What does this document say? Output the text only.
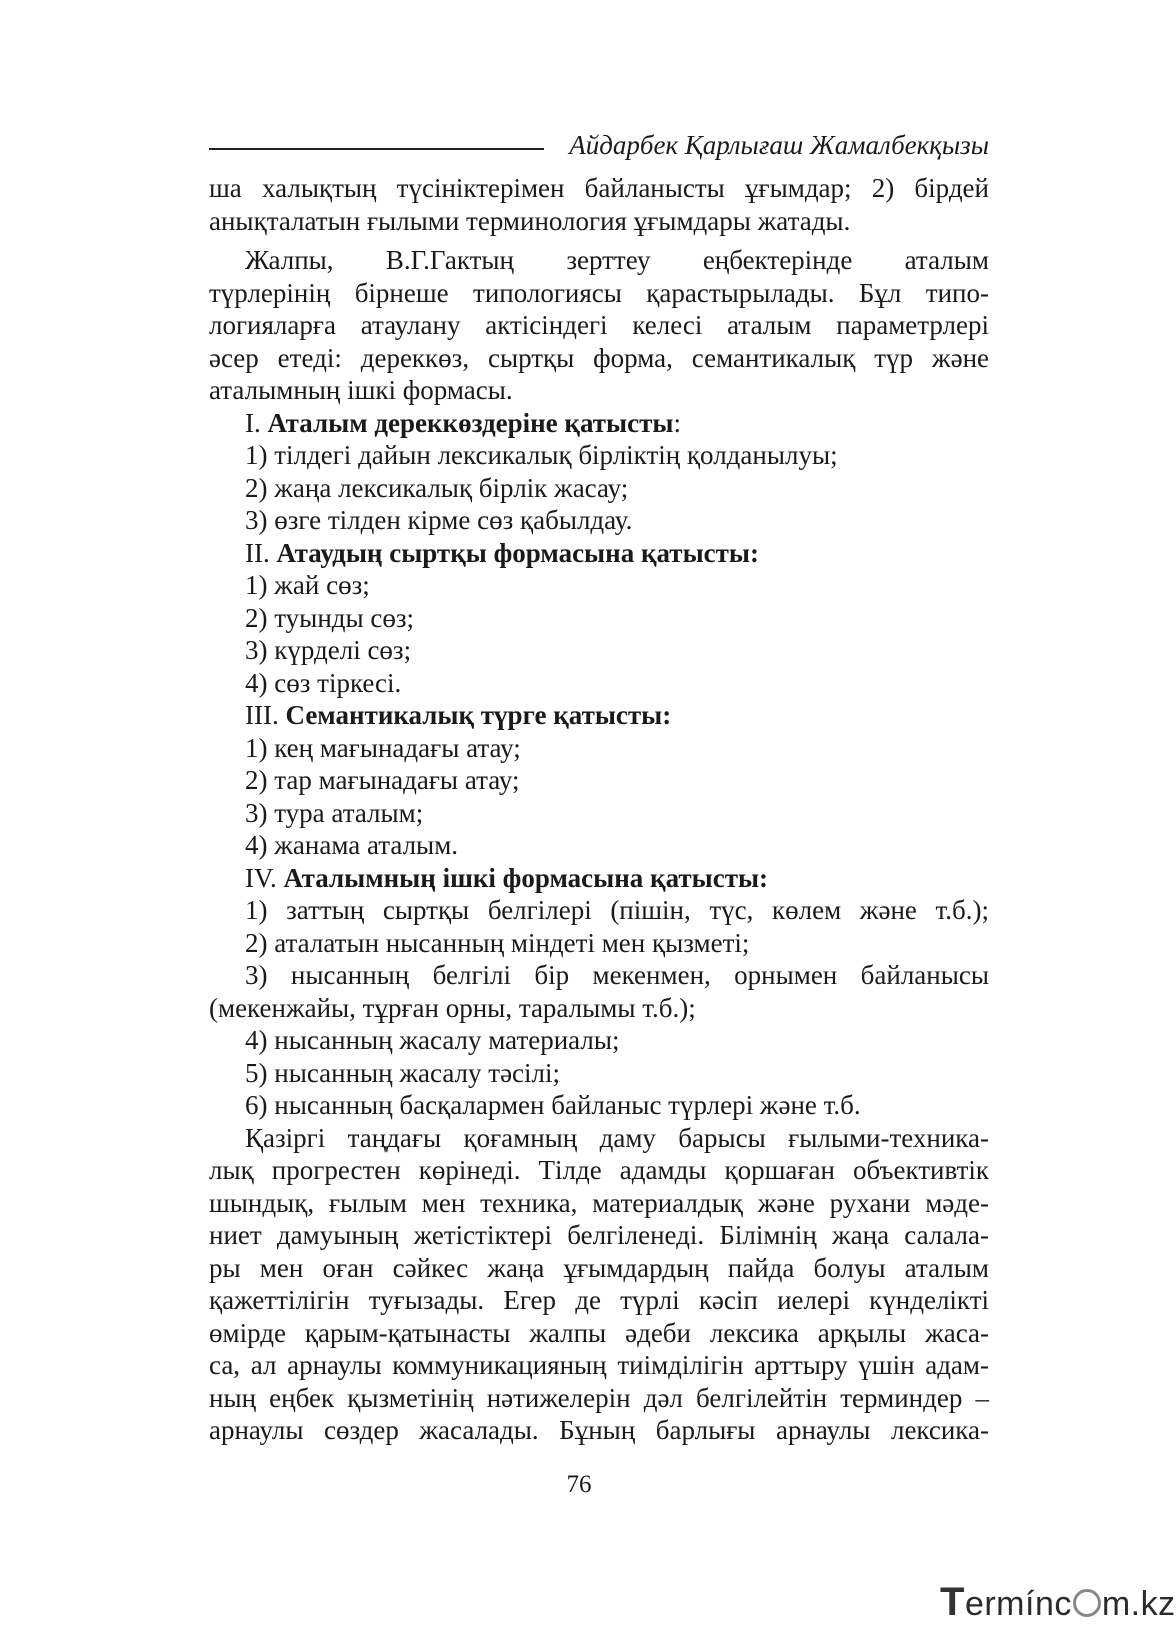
Айдарбек Қарлығаш Жамалбекқызы
ша халықтың түсініктерімен байланысты ұғымдар; 2) бірдей
анықталатын ғылыми терминология ұғымдары жатады.
Жалпы, В.Г.Гактың зерттеу еңбектерінде аталым
түрлерінің бірнеше типологиясы қарастырылады. Бұл типо-
логияларға атаулану актісіндегі келесі аталым параметрлері
әсер етеді: дереккөз, сыртқы форма, семантикалық түр және
аталымның ішкі формасы.
I. Аталым дереккөздеріне қатысты:
1) тілдегі дайын лексикалық бірліктің қолданылуы;
2) жаңа лексикалық бірлік жасау;
3) өзге тілден кірме сөз қабылдау.
II. Атаудың сыртқы формасына қатысты:
1) жай сөз;
2) туынды сөз;
3) күрделі сөз;
4) сөз тіркесі.
III. Семантикалық түрге қатысты:
1) кең мағынадағы атау;
2) тар мағынадағы атау;
3) тура аталым;
4) жанама аталым.
IV. Аталымның ішкі формасына қатысты:
1) заттың сыртқы белгілері (пішін, түс, көлем және т.б.);
2) аталатын нысанның міндеті мен қызметі;
3) нысанның белгілі бір мекенмен, орнымен байланысы
(мекенжайы, тұрған орны, таралымы т.б.);
4) нысанның жасалу материалы;
5) нысанның жасалу тәсілі;
6) нысанның басқалармен байланыс түрлері және т.б.
Қазіргі таңдағы қоғамның даму барысы ғылыми-техника-
лық прогрестен көрінеді. Тілде адамды қоршаған объективтік
шындық, ғылым мен техника, материалдық және рухани мәде-
ниет дамуының жетістіктері белгіленеді. Білімнің жаңа салала-
ры мен оған сәйкес жаңа ұғымдардың пайда болуы аталым
қажеттілігін туғызады. Егер де түрлі кәсіп иелері күнделікті
өмірде қарым-қатынасты жалпы әдеби лексика арқылы жаса-
са, ал арнаулы коммуникацияның тиімділігін арттыру үшін адам-
ның еңбек қызметінің нәтижелерін дәл белгілейтін терминдер –
арнаулы сөздер жасалады. Бұның барлығы арнаулы лексика-
76
Termínc m.kz
